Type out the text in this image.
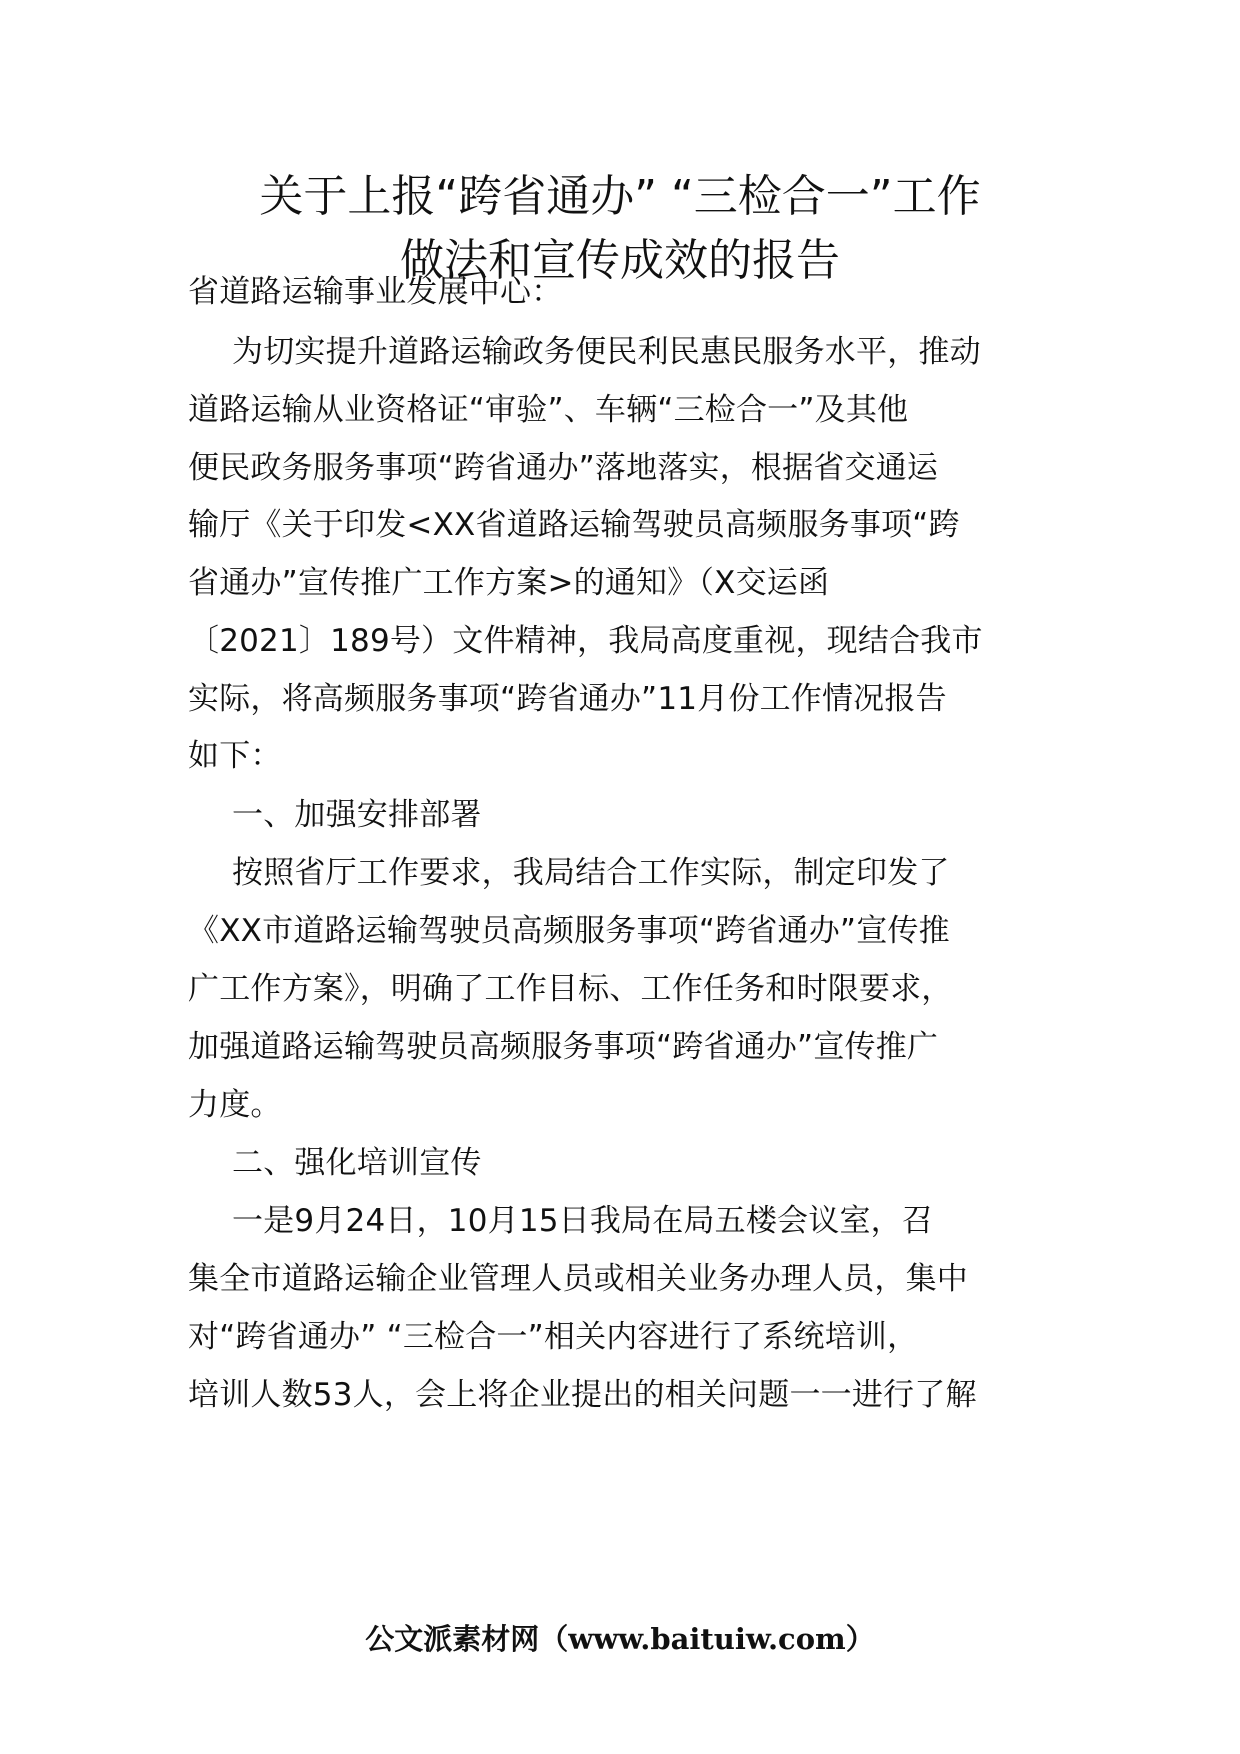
关于上报“跨省通办” “三检合一”工作
做法和宣传成效的报告
省道路运输事业发展中心：
为切实提升道路运输政务便民利民惠民服务水平，推动
道路运输从业资格证“审验”、车辆“三检合一”及其他
便民政务服务事项“跨省通办”落地落实，根据省交通运
输厅《关于印发<XX省道路运输驾驶员高频服务事项“跨
省通办”宣传推广工作方案>的通知》（X交运函
〔2021〕189号）文件精神，我局高度重视，现结合我市
实际，将高频服务事项“跨省通办”11月份工作情况报告
如下：
一、加强安排部署
按照省厅工作要求，我局结合工作实际，制定印发了
《XX市道路运输驾驶员高频服务事项“跨省通办”宣传推
广工作方案》，明确了工作目标、工作任务和时限要求，
加强道路运输驾驶员高频服务事项“跨省通办”宣传推广
力度。
二、强化培训宣传
一是9月24日，10月15日我局在局五楼会议室，召
集全市道路运输企业管理人员或相关业务办理人员，集中
对“跨省通办” “三检合一”相关内容进行了系统培训，
培训人数53人，会上将企业提出的相关问题一一进行了解
公文派素材网（www.baituiw.com）
